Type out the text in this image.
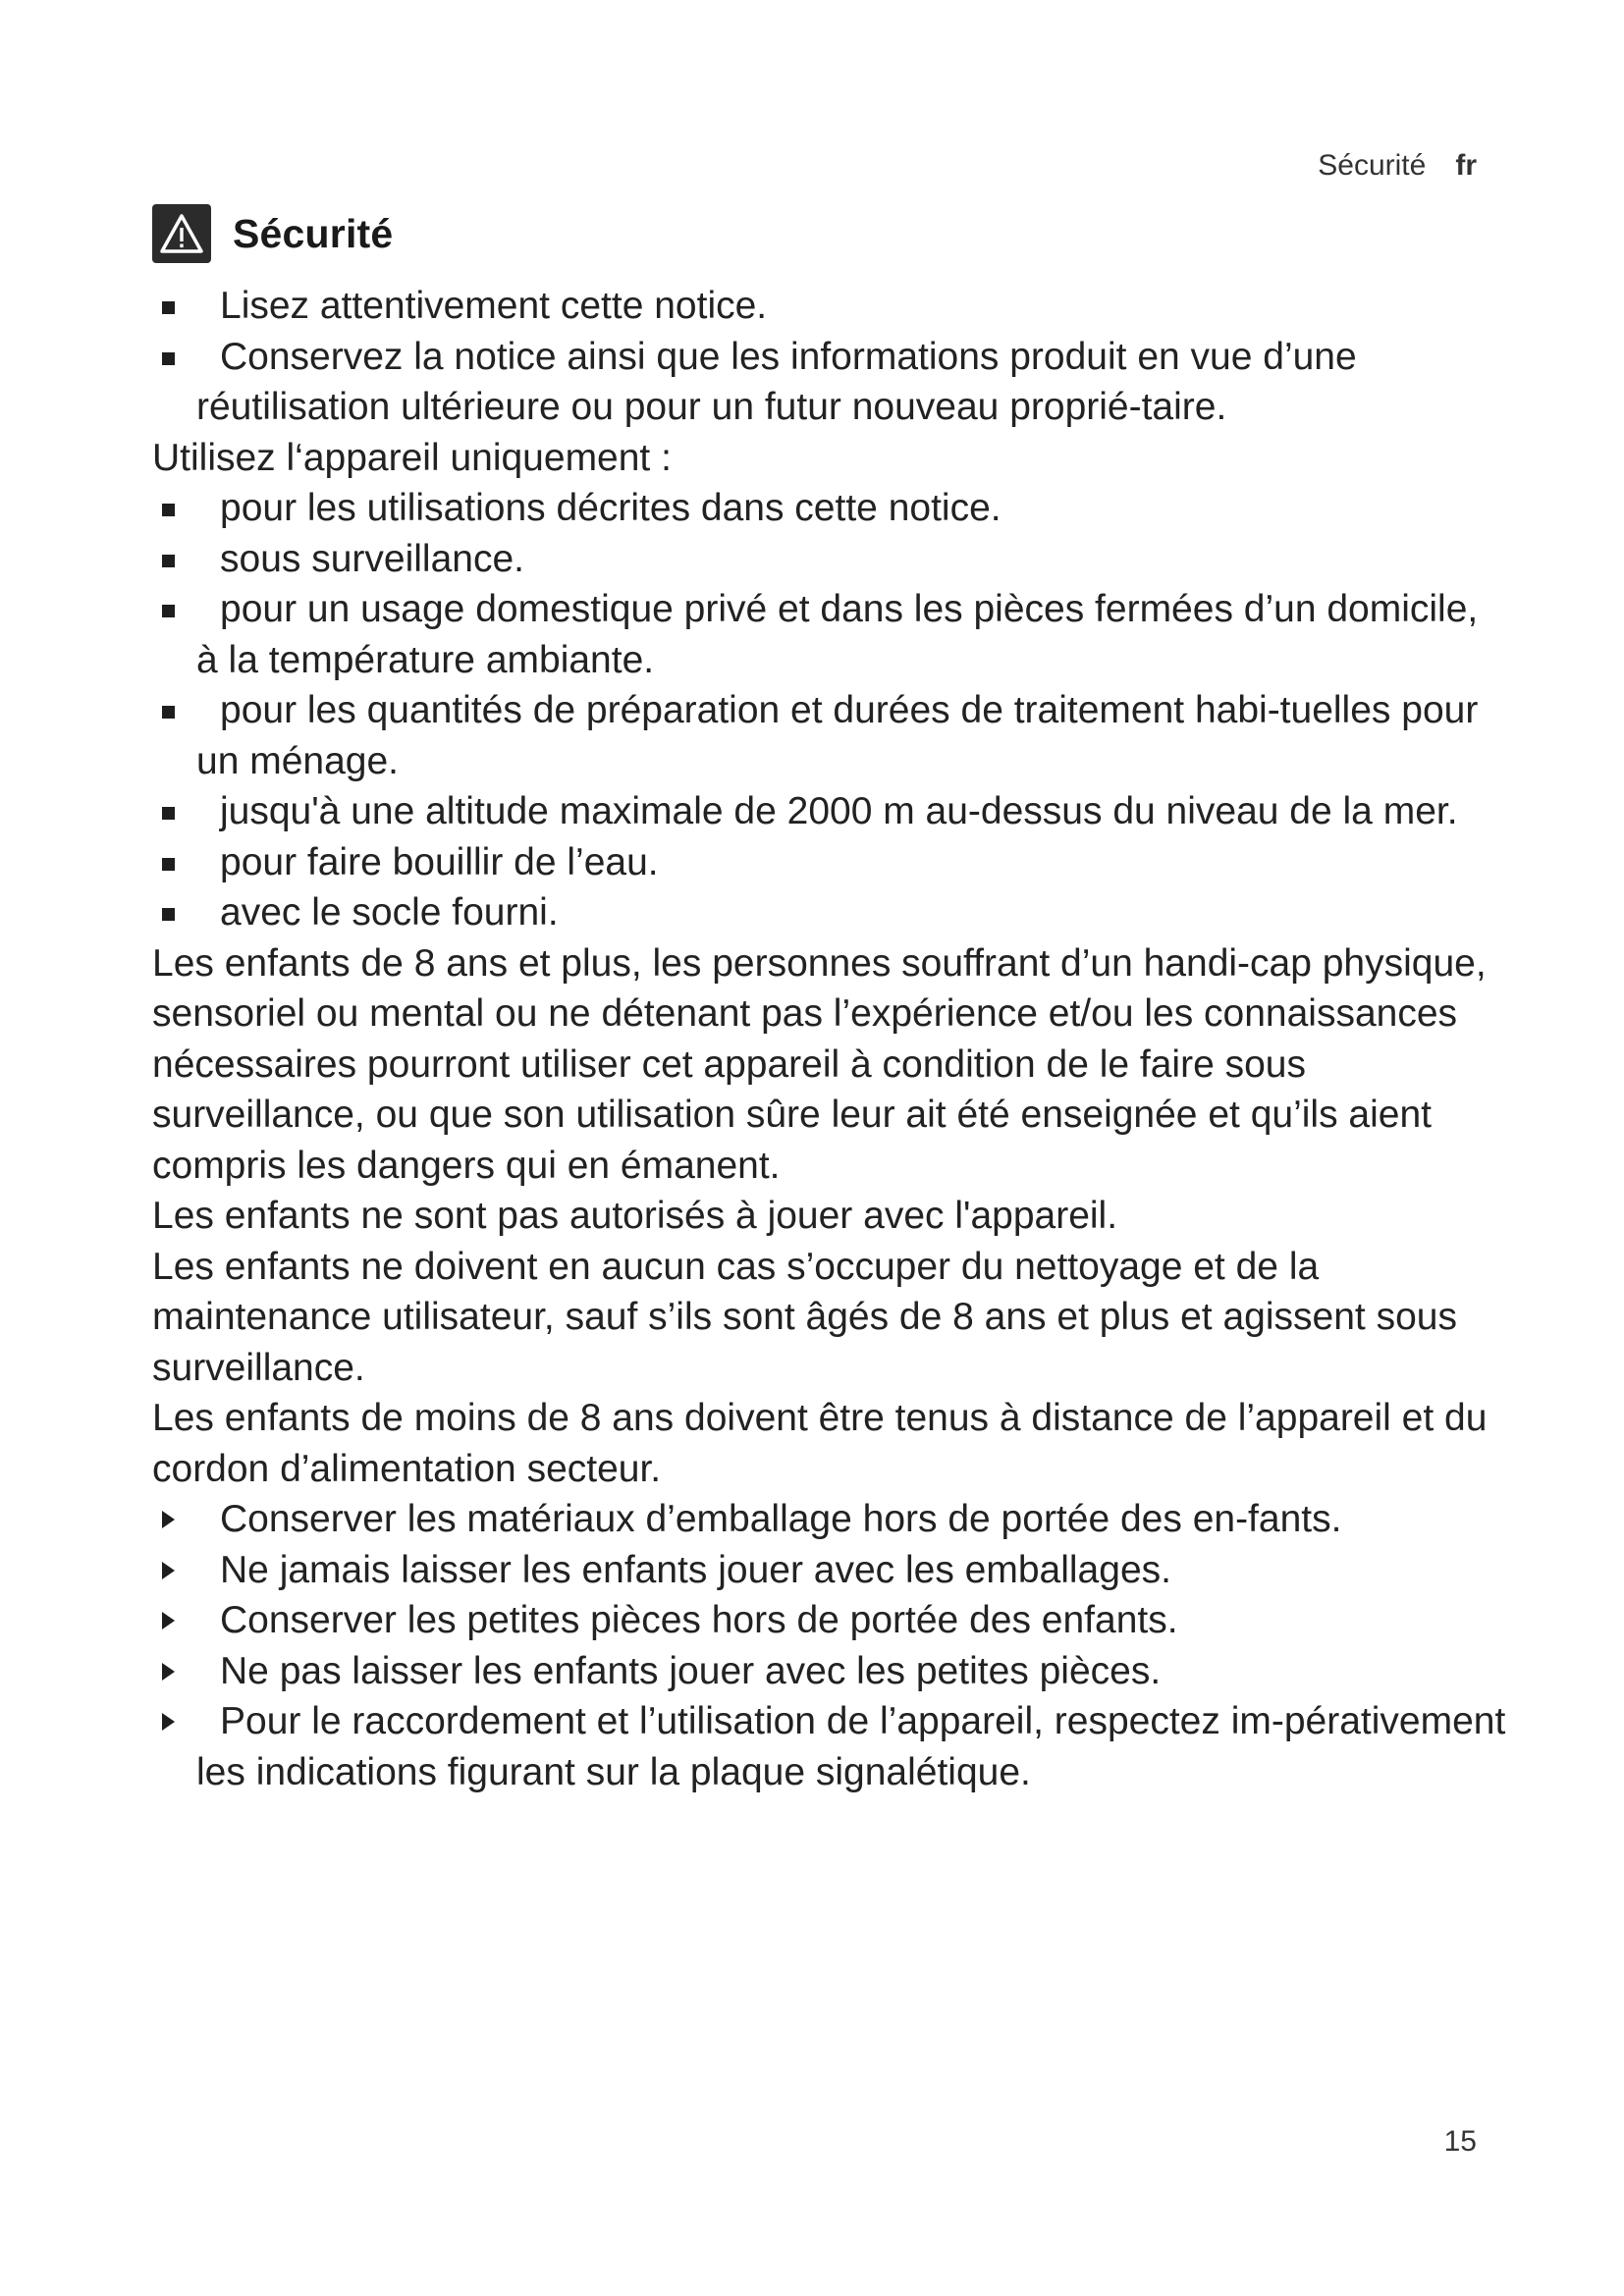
Sécurité fr
Sécurité
Lisez attentivement cette notice.
Conservez la notice ainsi que les informations produit en vue d’une réutilisation ultérieure ou pour un futur nouveau proprié-taire.

Utilisez l‘appareil uniquement :

pour les utilisations décrites dans cette notice.
sous surveillance.
pour un usage domestique privé et dans les pièces fermées d’un domicile, à la température ambiante.
pour les quantités de préparation et durées de traitement habi-tuelles pour un ménage.
jusqu'à une altitude maximale de 2000 m au-dessus du niveau de la mer.
pour faire bouillir de l’eau.
avec le socle fourni.

Les enfants de 8 ans et plus, les personnes souffrant d’un handi-cap physique, sensoriel ou mental ou ne détenant pas l’expérience et/ou les connaissances nécessaires pourront utiliser cet appareil à condition de le faire sous surveillance, ou que son utilisation sûre leur ait été enseignée et qu’ils aient compris les dangers qui en émanent.

Les enfants ne sont pas autorisés à jouer avec l'appareil.

Les enfants ne doivent en aucun cas s’occuper du nettoyage et de la maintenance utilisateur, sauf s’ils sont âgés de 8 ans et plus et agissent sous surveillance.

Les enfants de moins de 8 ans doivent être tenus à distance de l’appareil et du cordon d’alimentation secteur.

Conserver les matériaux d’emballage hors de portée des en-fants.
Ne jamais laisser les enfants jouer avec les emballages.
Conserver les petites pièces hors de portée des enfants.
Ne pas laisser les enfants jouer avec les petites pièces.
Pour le raccordement et l’utilisation de l’appareil, respectez im-pérativement les indications figurant sur la plaque signalétique.
15
